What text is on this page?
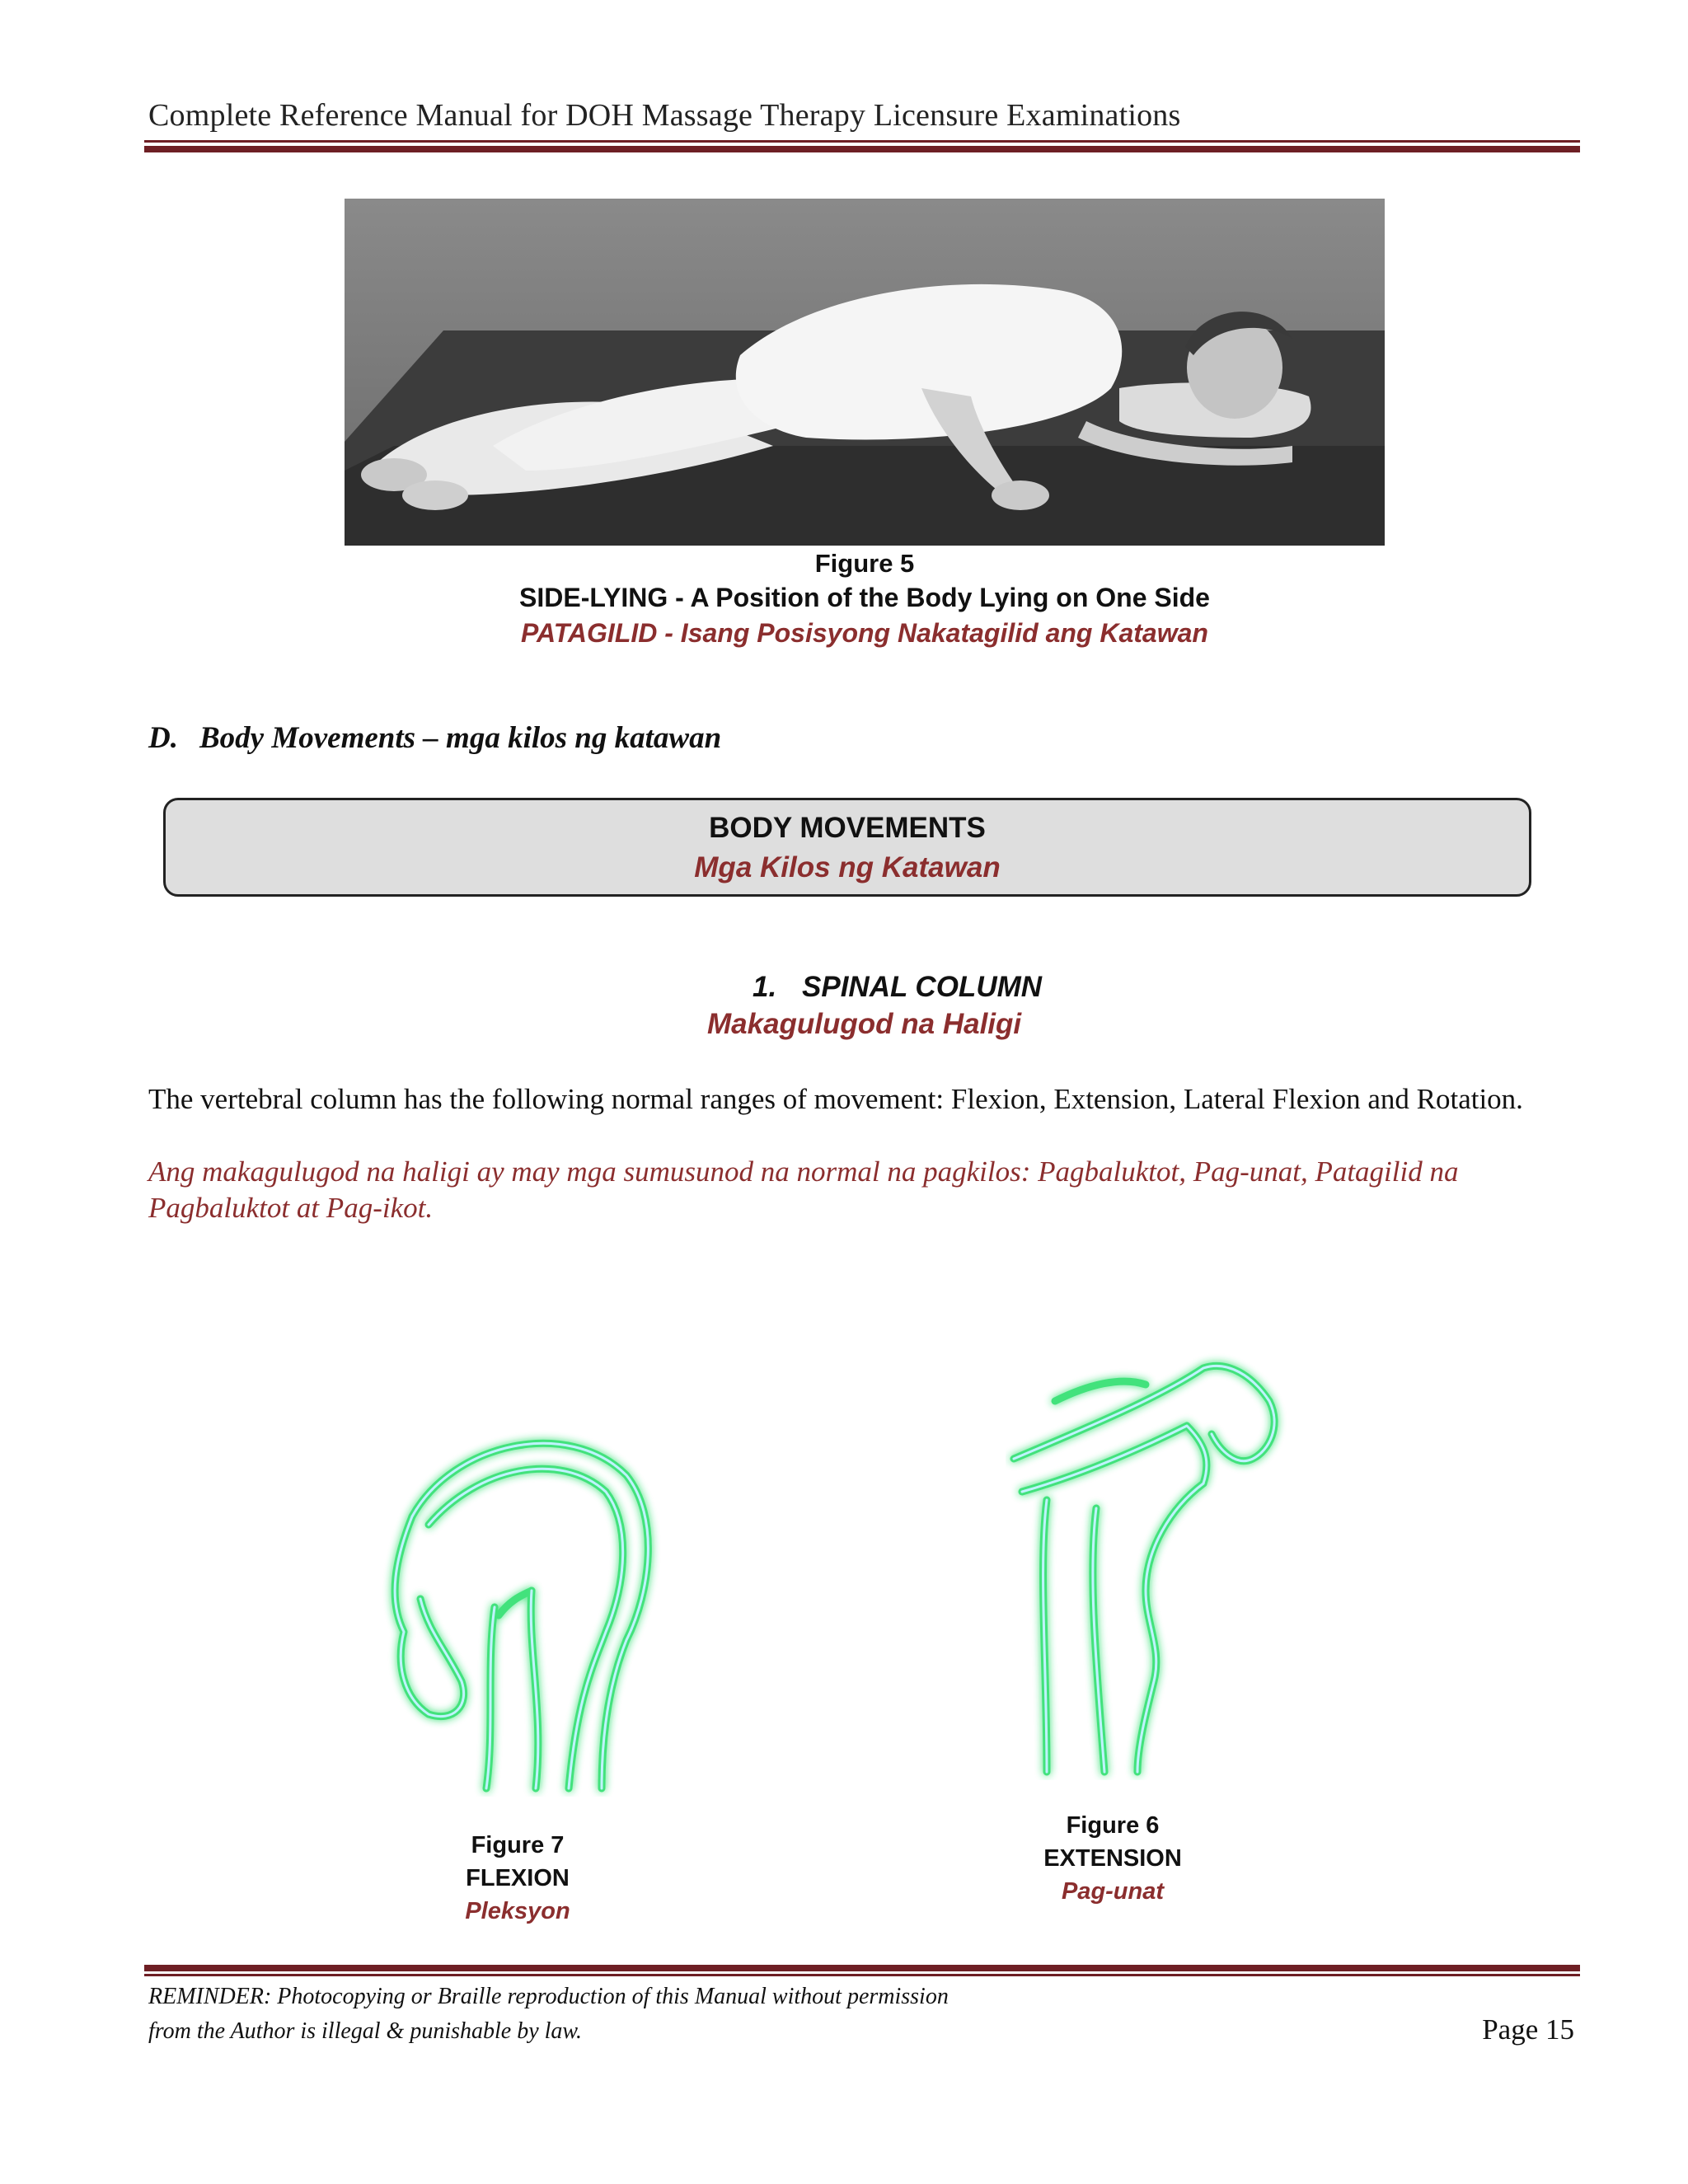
Complete Reference Manual for DOH Massage Therapy Licensure Examinations
Figure 5
SIDE-LYING - A Position of the Body Lying on One Side
PATAGILID - Isang Posisyong Nakatagilid ang Katawan
D. Body Movements – mga kilos ng katawan
BODY MOVEMENTS
Mga Kilos ng Katawan
1. SPINAL COLUMN
Makagulugod na Haligi
The vertebral column has the following normal ranges of movement: Flexion, Extension, Lateral Flexion and Rotation.
Ang makagulugod na haligi ay may mga sumusunod na normal na pagkilos: Pagbaluktot, Pag-unat, Patagilid na Pagbaluktot at Pag-ikot.
Figure 7
FLEXION
Pleksyon
Figure 6
EXTENSION
Pag-unat
REMINDER: Photocopying or Braille reproduction of this Manual without permission
from the Author is illegal & punishable by law.	Page 15
